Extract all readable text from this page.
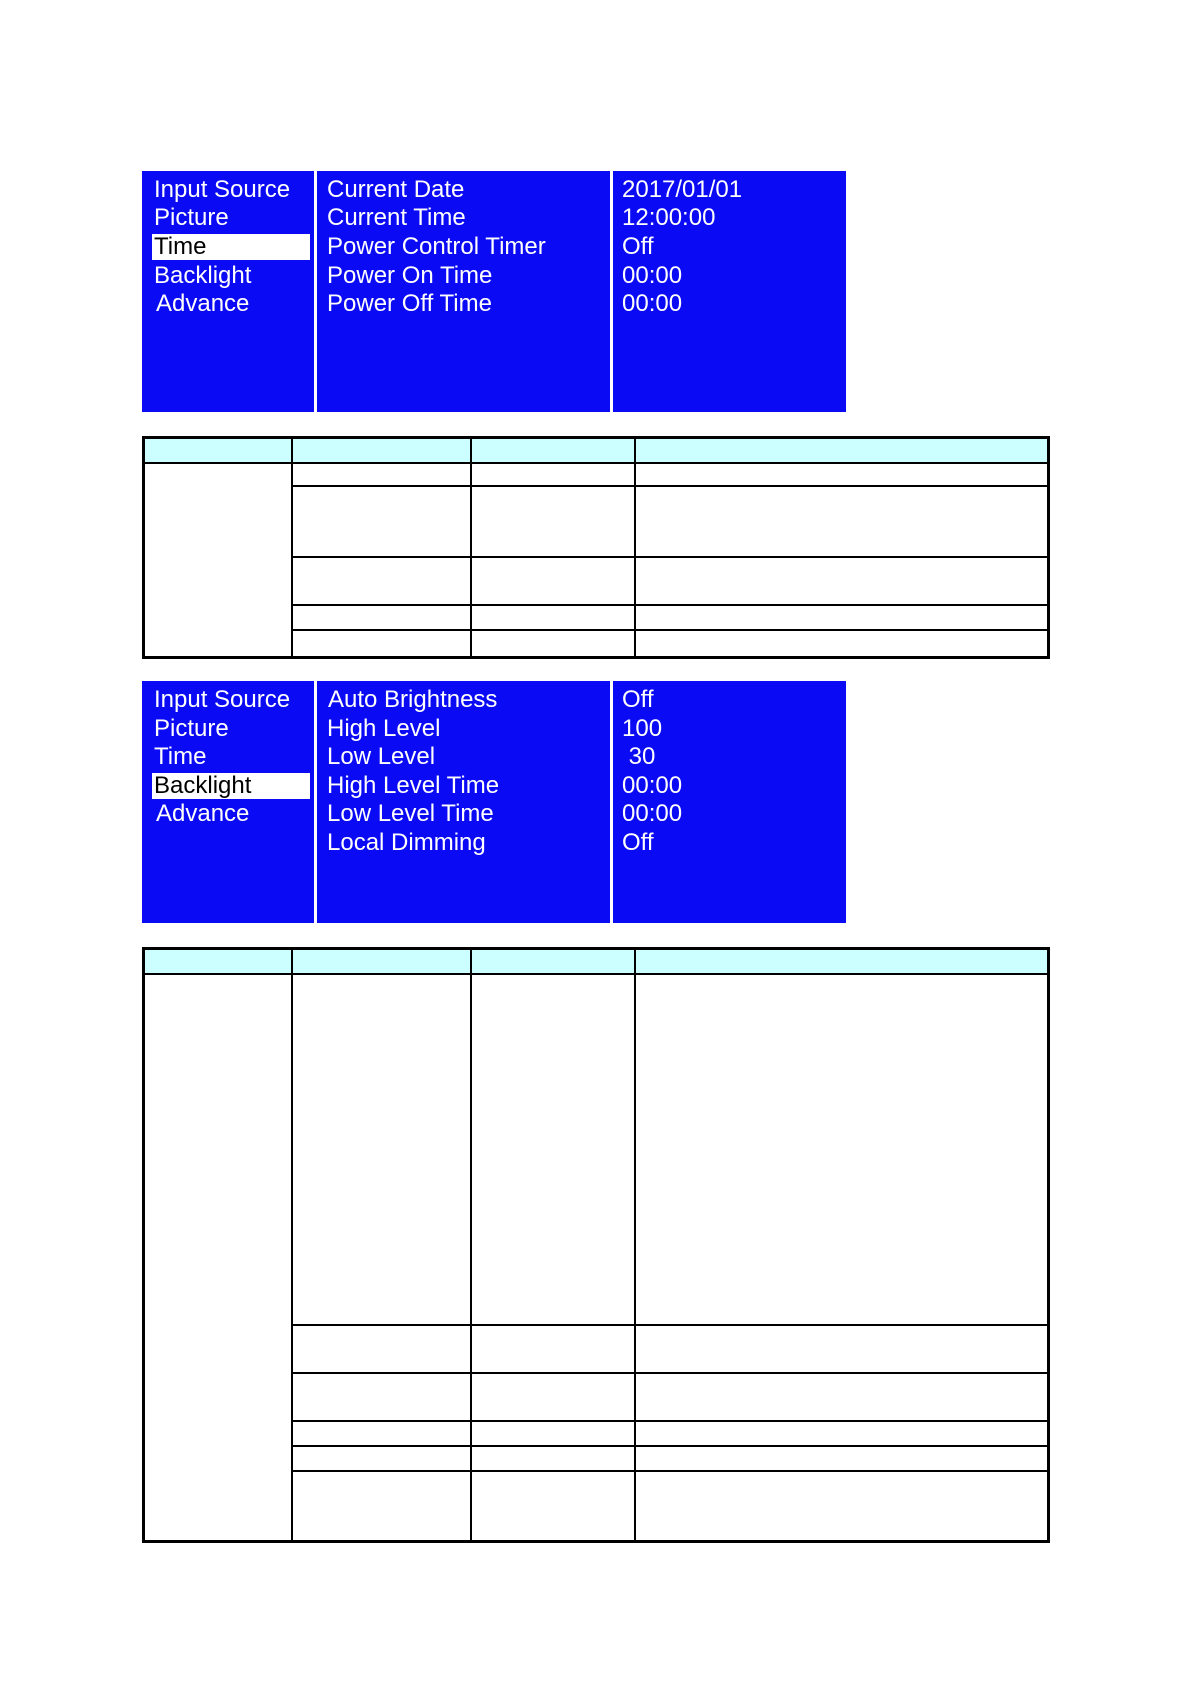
Input Source
Picture
Time
Backlight
Advance
Current Date
Current Time
Power Control Timer
Power On Time
Power Off Time
2017/01/01
12:00:00
Off
00:00
00:00
Input Source
Picture
Time
Backlight
Advance
Auto Brightness
High Level
Low Level
High Level Time
Low Level Time
Local Dimming
Off
100
30
00:00
00:00
Off
